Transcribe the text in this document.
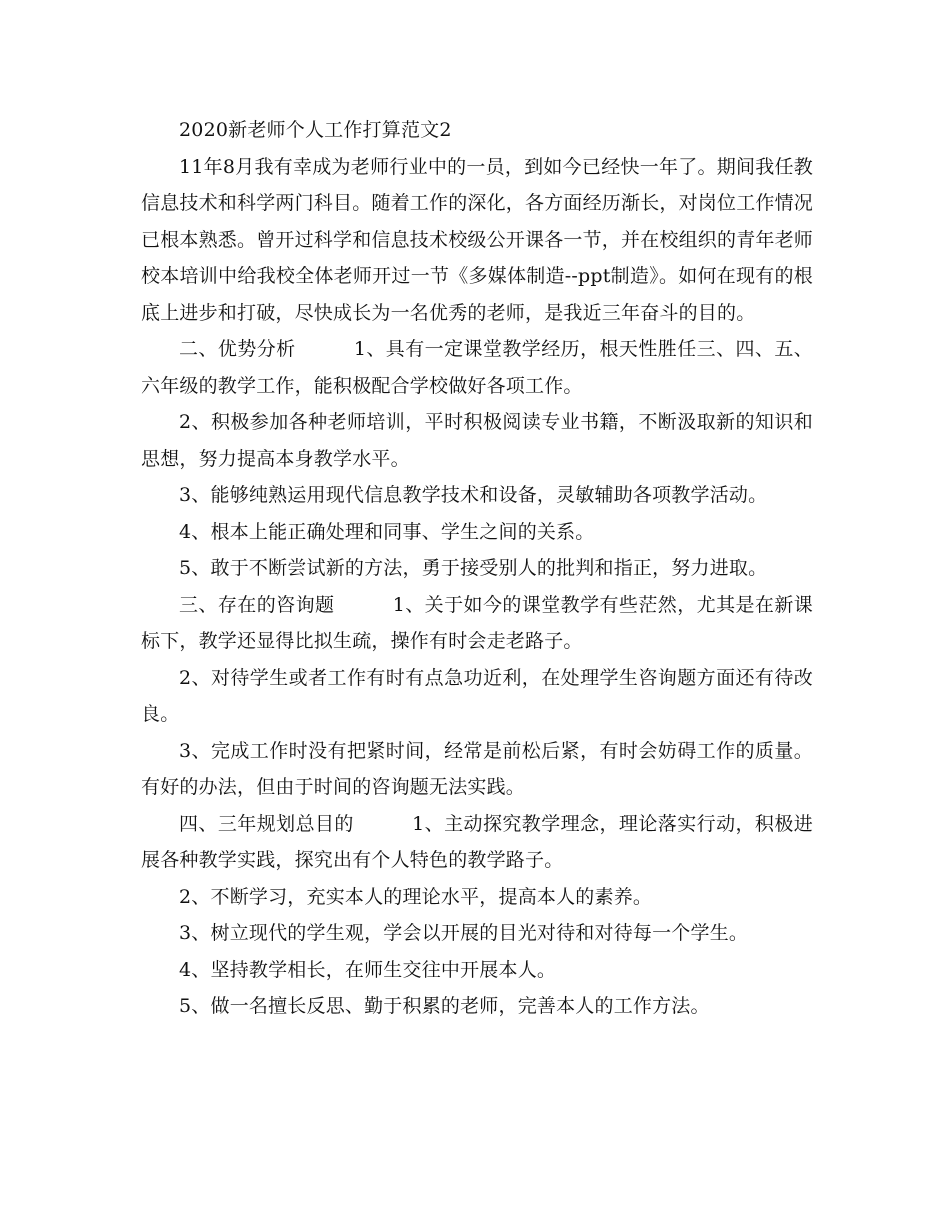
2020新老师个人工作打算范文2

11年8月我有幸成为老师行业中的一员，到如今已经快一年了。期间我任教信息技术和科学两门科目。随着工作的深化，各方面经历渐长，对岗位工作情况已根本熟悉。曾开过科学和信息技术校级公开课各一节，并在校组织的青年老师校本培训中给我校全体老师开过一节《多媒体制造--ppt制造》。如何在现有的根底上进步和打破，尽快成长为一名优秀的老师，是我近三年奋斗的目的。

二、优势分析　　　1、具有一定课堂教学经历，根天性胜任三、四、五、六年级的教学工作，能积极配合学校做好各项工作。

2、积极参加各种老师培训，平时积极阅读专业书籍，不断汲取新的知识和思想，努力提高本身教学水平。

3、能够纯熟运用现代信息教学技术和设备，灵敏辅助各项教学活动。

4、根本上能正确处理和同事、学生之间的关系。

5、敢于不断尝试新的方法，勇于接受别人的批判和指正，努力进取。

三、存在的咨询题　　　1、关于如今的课堂教学有些茫然，尤其是在新课标下，教学还显得比拟生疏，操作有时会走老路子。

2、对待学生或者工作有时有点急功近利，在处理学生咨询题方面还有待改良。

3、完成工作时没有把紧时间，经常是前松后紧，有时会妨碍工作的质量。有好的办法，但由于时间的咨询题无法实践。

四、三年规划总目的　　　1、主动探究教学理念，理论落实行动，积极进展各种教学实践，探究出有个人特色的教学路子。

2、不断学习，充实本人的理论水平，提高本人的素养。

3、树立现代的学生观，学会以开展的目光对待和对待每一个学生。

4、坚持教学相长，在师生交往中开展本人。

5、做一名擅长反思、勤于积累的老师，完善本人的工作方法。
